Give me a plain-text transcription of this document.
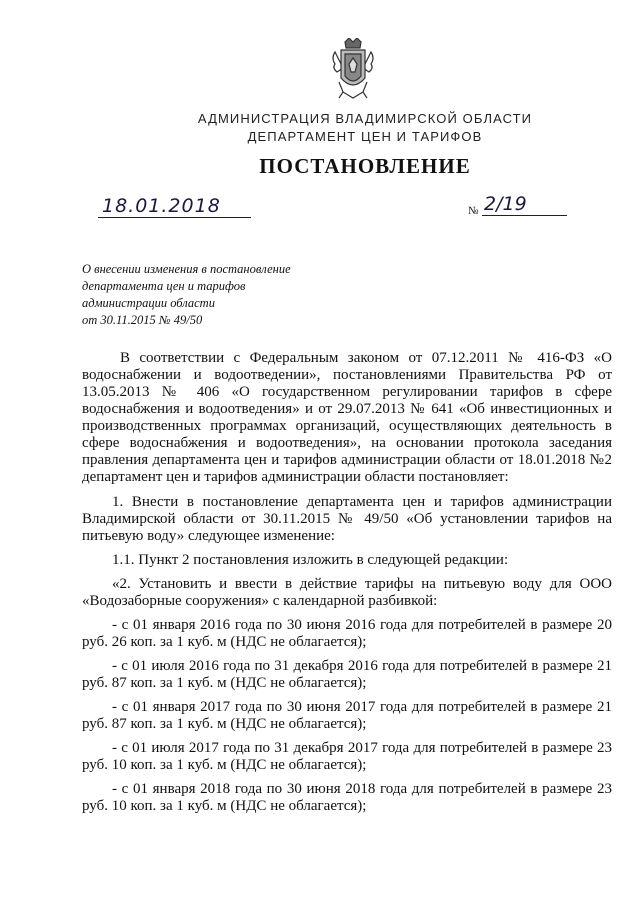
АДМИНИСТРАЦИЯ ВЛАДИМИРСКОЙ ОБЛАСТИ
ДЕПАРТАМЕНТ ЦЕН И ТАРИФОВ
ПОСТАНОВЛЕНИЕ
18.01.2018	№ 2/19
О внесении изменения в постановление
департамента цен и тарифов
администрации области
от 30.11.2015 № 49/50

В соответствии с Федеральным законом от 07.12.2011 № 416-ФЗ «О водоснабжении и водоотведении», постановлениями Правительства РФ от 13.05.2013 № 406 «О государственном регулировании тарифов в сфере водоснабжения и водоотведения» и от 29.07.2013 № 641 «Об инвестиционных и производственных программах организаций, осуществляющих деятельность в сфере водоснабжения и водоотведения», на основании протокола заседания правления департамента цен и тарифов администрации области от 18.01.2018 №2 департамент цен и тарифов администрации области постановляет:

1. Внести в постановление департамента цен и тарифов администрации Владимирской области от 30.11.2015 № 49/50 «Об установлении тарифов на питьевую воду» следующее изменение:

1.1. Пункт 2 постановления изложить в следующей редакции:

«2. Установить и ввести в действие тарифы на питьевую воду для ООО «Водозаборные сооружения» с календарной разбивкой:

- с 01 января 2016 года по 30 июня 2016 года для потребителей в размере 20 руб. 26 коп. за 1 куб. м (НДС не облагается);

- с 01 июля 2016 года по 31 декабря 2016 года для потребителей в размере 21 руб. 87 коп. за 1 куб. м (НДС не облагается);

- с 01 января 2017 года по 30 июня 2017 года для потребителей в размере 21 руб. 87 коп. за 1 куб. м (НДС не облагается);

- с 01 июля 2017 года по 31 декабря 2017 года для потребителей в размере 23 руб. 10 коп. за 1 куб. м (НДС не облагается);

- с 01 января 2018 года по 30 июня 2018 года для потребителей в размере 23 руб. 10 коп. за 1 куб. м (НДС не облагается);
